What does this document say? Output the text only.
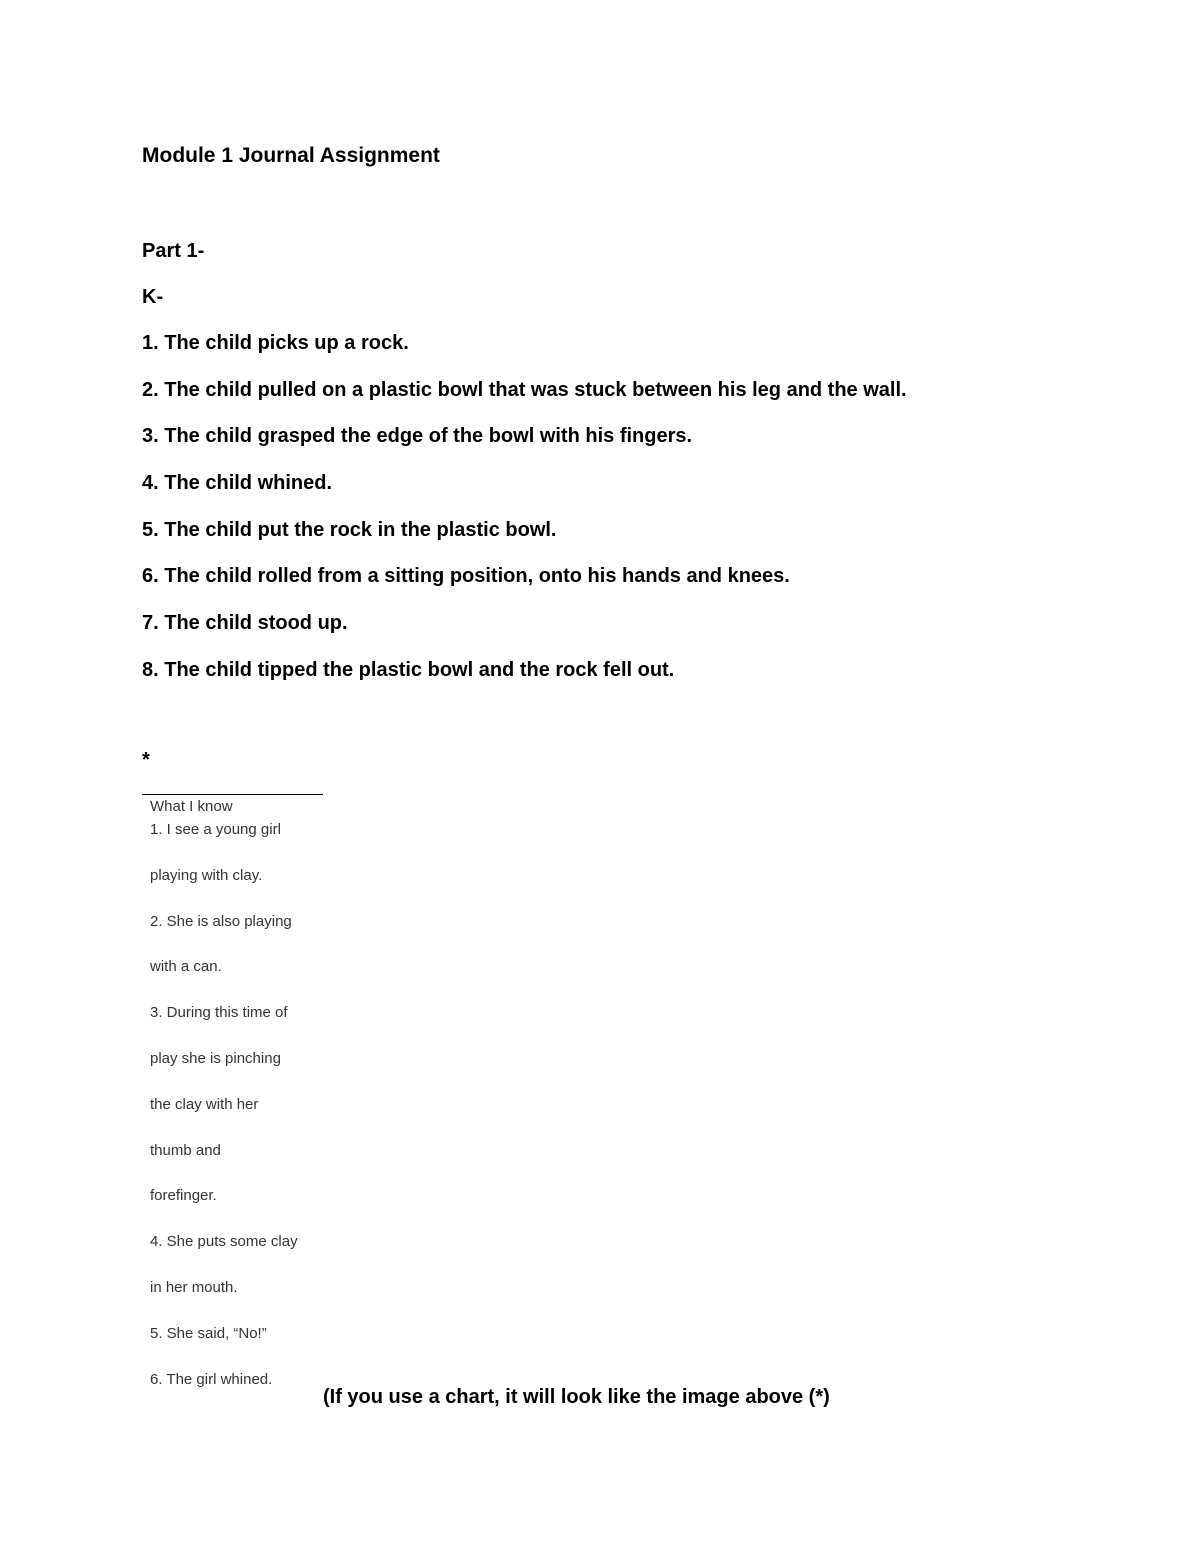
Module 1 Journal Assignment
Part 1-
K-
1. The child picks up a rock.
2. The child pulled on a plastic bowl that was stuck between his leg and the wall.
3. The child grasped the edge of the bowl with his fingers.
4. The child whined.
5. The child put the rock in the plastic bowl.
6. The child rolled from a sitting position, onto his hands and knees.
7. The child stood up.
8. The child tipped the plastic bowl and the rock fell out.
*
What I know
1. I see a young girl
playing with clay.
2. She is also playing
with a can.
3. During this time of
play she is pinching
the clay with her
thumb and
forefinger.
4. She puts some clay
in her mouth.
5. She said, “No!”
6. The girl whined.
(If you use a chart, it will look like the image above (*)
